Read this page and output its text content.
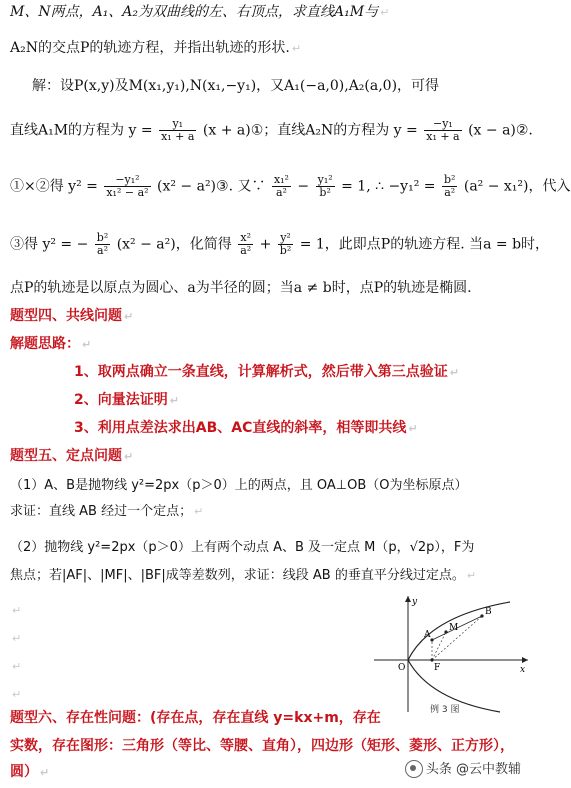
M、N两点，A₁、A₂为双曲线的左、右顶点，求直线A₁M与 ↵
A₂N的交点P的轨迹方程，并指出轨迹的形状. ↵
解：设P(x,y)及M(x₁,y₁),N(x₁,−y₁)，又A₁(−a,0),A₂(a,0)，可得
直线A₁M的方程为 $y = \frac{\text{y₁}}{\text{x₁ + a}} (x$ + a)①；直线A₂N的方程为 $y = \frac{\text{−y₁}}{\text{x₁ + a}} (x$ − a)②.
①×②得 $y^2 = \frac{\text{−y₁²}}{\text{x₁² − a²}} (x^2$ − a²)③. 又∵ $\frac{\text{x₁²}}{\text{a²}} - \frac{\text{y₁²}}{\text{b²}} = 1$, ∴ $-y_1^2 = \frac{\text{b²}}{\text{a²}} (a^2 - x_1^2)$，代入
③得 y² = − $\frac{\text{b²}}{\text{a²}} (x^2 - a^2)$，化简得 $\frac{\text{x²}}{\text{a²}} + \frac{\text{y²}}{\text{b²}} = 1$，此即点P的轨迹方程. 当a = b时，
点P的轨迹是以原点为圆心、a为半径的圆；当a ≠ b时，点P的轨迹是椭圆.
题型四、共线问题 ↵
解题思路： ↵
1、取两点确立一条直线，计算解析式，然后带入第三点验证 ↵
2、向量法证明 ↵
3、利用点差法求出AB、AC直线的斜率，相等即共线 ↵
题型五、定点问题 ↵
（1）A、B是抛物线 y²=2px（p＞0）上的两点，且 OA⊥OB（O为坐标原点）
求证：直线 AB 经过一个定点； ↵
（2）抛物线 y²=2px（p＞0）上有两个动点 A、B 及一定点 M（p，√2p），F为
焦点；若|AF|、|MF|、|BF|成等差数列，求证：线段 AB 的垂直平分线过定点。 ↵
↵
↵
↵
↵
y
x
O
A
M
B
F
例 3 图
题型六、存在性问题：(存在点，存在直线 y=kx+m，存在
实数，存在图形：三角形（等比、等腰、直角），四边形（矩形、菱形、正方形），
圆） ↵	头条 @云中教辅
